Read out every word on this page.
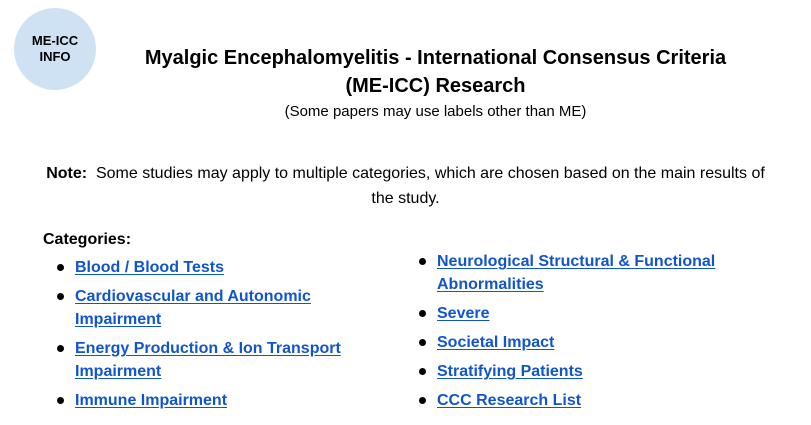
ME-ICC
INFO	Myalgic Encephalomyelitis - International Consensus Criteria
(ME-ICC) Research
(Some papers may use labels other than ME)
Note: Some studies may apply to multiple categories, which are chosen based on the main results of the study.
Categories:
Blood / Blood Tests
Cardiovascular and Autonomic Impairment
Energy Production & Ion Transport Impairment
Immune Impairment
Neurological Structural & Functional Abnormalities
Severe
Societal Impact
Stratifying Patients
CCC Research List
